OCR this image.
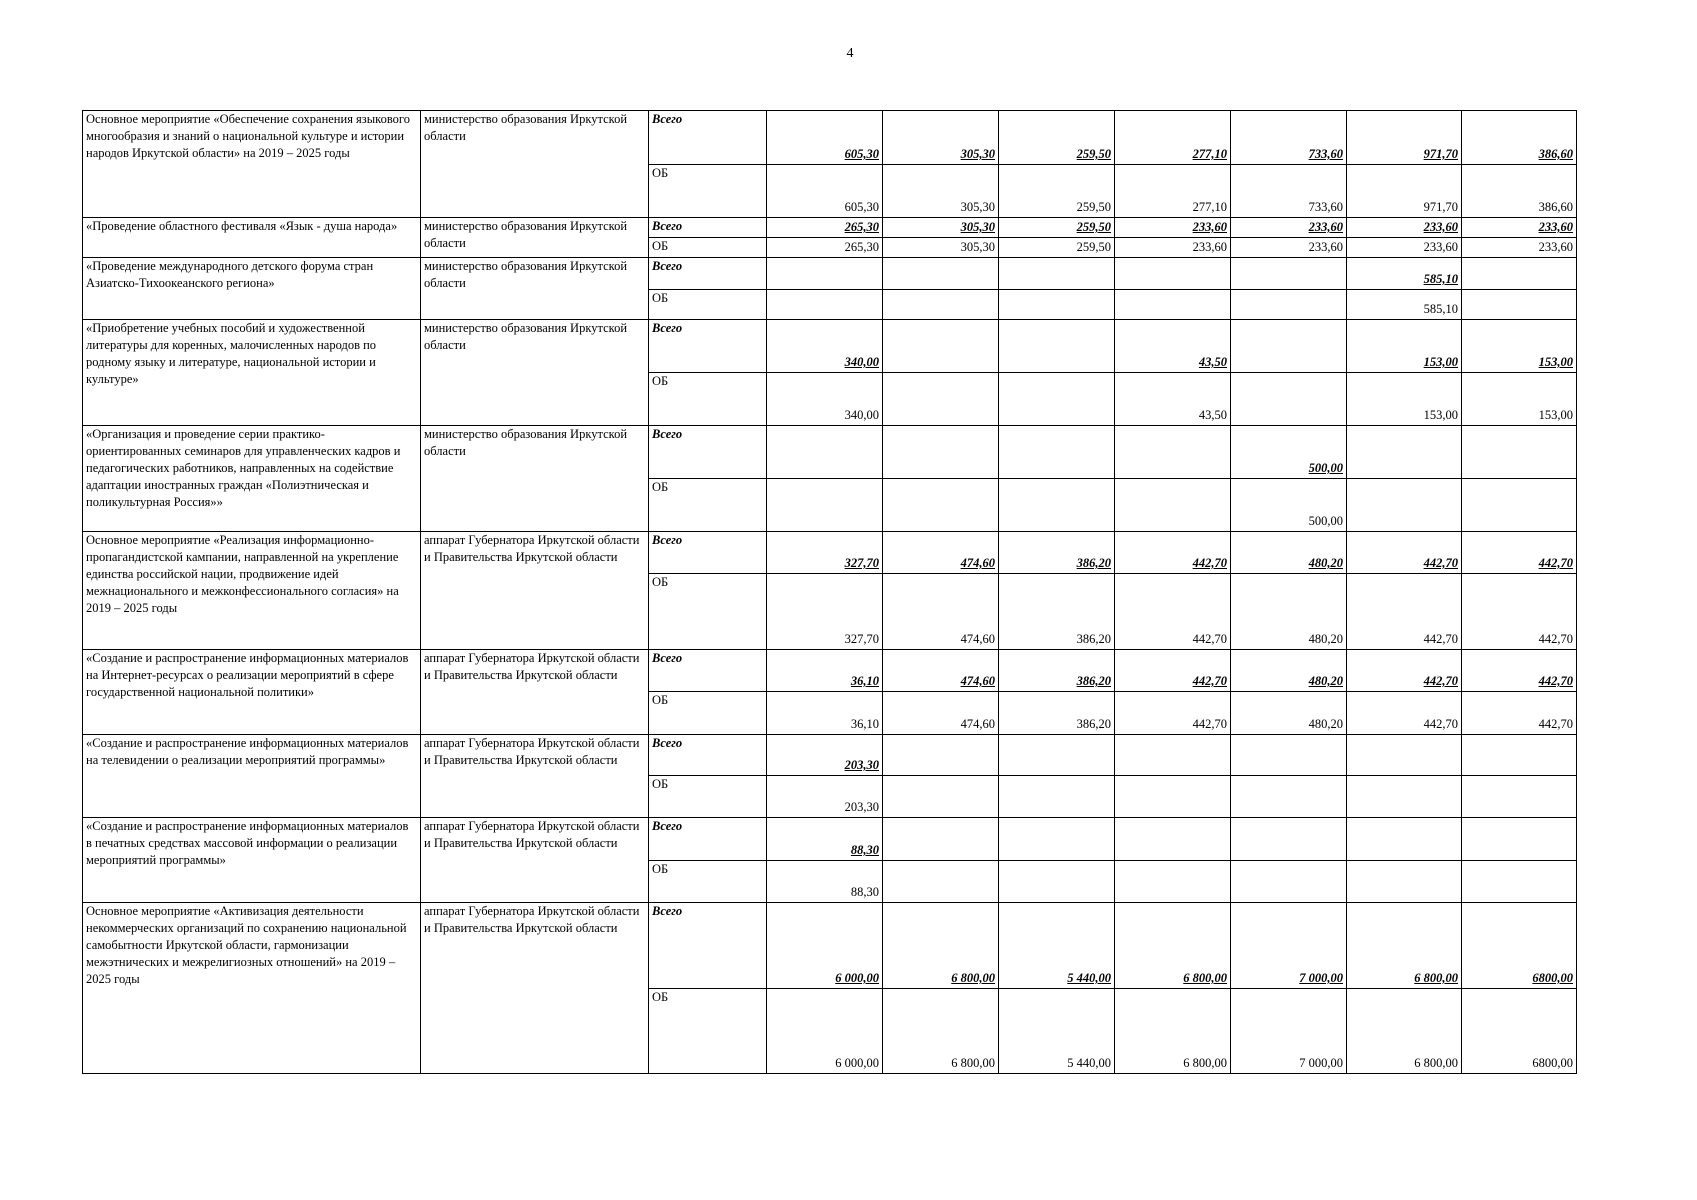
4
Основное мероприятие «Обеспечение сохранения языкового многообразия и знаний о национальной культуре и истории народов Иркутской области» на 2019 – 2025 годы	министерство образования Иркутской области	Всего	605,30	305,30	259,50	277,10	733,60	971,70	386,60
		ОБ	605,30	305,30	259,50	277,10	733,60	971,70	386,60
«Проведение областного фестиваля «Язык - душа народа»	министерство образования Иркутской области	Всего	265,30	305,30	259,50	233,60	233,60	233,60	233,60
		ОБ	265,30	305,30	259,50	233,60	233,60	233,60	233,60
«Проведение международного детского форума стран Азиатско-Тихоокеанского региона»	министерство образования Иркутской области	Всего						585,10	
		ОБ						585,10	
«Приобретение учебных пособий и художественной литературы для коренных, малочисленных народов по родному языку и литературе, национальной истории и культуре»	министерство образования Иркутской области	Всего	340,00			43,50		153,00	153,00
		ОБ	340,00			43,50		153,00	153,00
«Организация и проведение серии практико-ориентированных семинаров для управленческих кадров и педагогических работников, направленных на содействие адаптации иностранных граждан «Полиэтническая и поликультурная Россия»»	министерство образования Иркутской области	Всего					500,00		
		ОБ					500,00		
Основное мероприятие «Реализация информационно-пропагандистской кампании, направленной на укрепление единства российской нации, продвижение идей межнационального и межконфессионального согласия» на 2019 – 2025 годы	аппарат Губернатора Иркутской области и Правительства Иркутской области	Всего	327,70	474,60	386,20	442,70	480,20	442,70	442,70
		ОБ	327,70	474,60	386,20	442,70	480,20	442,70	442,70
«Создание и распространение информационных материалов на Интернет-ресурсах о реализации мероприятий в сфере государственной национальной политики»	аппарат Губернатора Иркутской области и Правительства Иркутской области	Всего	36,10	474,60	386,20	442,70	480,20	442,70	442,70
		ОБ	36,10	474,60	386,20	442,70	480,20	442,70	442,70
«Создание и распространение информационных материалов на телевидении о реализации мероприятий программы»	аппарат Губернатора Иркутской области и Правительства Иркутской области	Всего	203,30						
		ОБ	203,30						
«Создание и распространение информационных материалов в печатных средствах массовой информации о реализации мероприятий программы»	аппарат Губернатора Иркутской области и Правительства Иркутской области	Всего	88,30						
		ОБ	88,30						
Основное мероприятие «Активизация деятельности некоммерческих организаций по сохранению национальной самобытности Иркутской области, гармонизации межэтнических и межрелигиозных отношений» на 2019 – 2025 годы	аппарат Губернатора Иркутской области и Правительства Иркутской области	Всего	6 000,00	6 800,00	5 440,00	6 800,00	7 000,00	6 800,00	6800,00
		ОБ	6 000,00	6 800,00	5 440,00	6 800,00	7 000,00	6 800,00	6800,00
